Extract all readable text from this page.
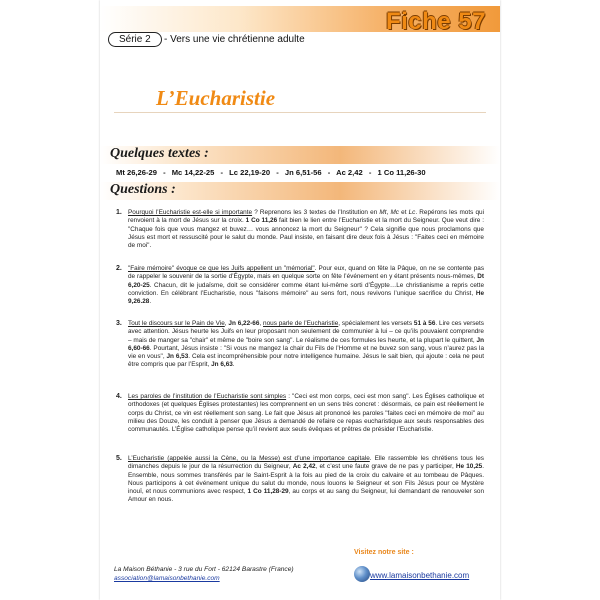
Fiche 57
Série 2	- Vers une vie chrétienne adulte
L’Eucharistie
Quelques textes :
Mt 26,26-29 - Mc 14,22-25 - Lc 22,19-20 - Jn 6,51-56 - Ac 2,42 - 1 Co 11,26-30
Questions :
1. Pourquoi l’Eucharistie est-elle si importante ? Reprenons les 3 textes de l’Institution en Mt, Mc et Lc. Repérons les mots qui renvoient à la mort de Jésus sur la croix. 1 Co 11,26 fait bien le lien entre l’Eucharistie et la mort du Seigneur. Que veut dire : "Chaque fois que vous mangez et buvez… vous annoncez la mort du Seigneur" ? Cela signifie que nous proclamons que Jésus est mort et ressuscité pour le salut du monde. Paul insiste, en faisant dire deux fois à Jésus : "Faites ceci en mémoire de moi".
2. "Faire mémoire" évoque ce que les Juifs appellent un "mémorial". Pour eux, quand on fête la Pâque, on ne se contente pas de rappeler le souvenir de la sortie d’Égypte, mais en quelque sorte on fête l’événement en y étant présents nous-mêmes, Dt 6,20-25. Chacun, dit le judaïsme, doit se considérer comme étant lui-même sorti d’Égypte…Le christianisme a repris cette conviction. En célébrant l’Eucharistie, nous "faisons mémoire" au sens fort, nous revivons l’unique sacrifice du Christ, He 9,26.28.
3. Tout le discours sur le Pain de Vie, Jn 6,22-66, nous parle de l’Eucharistie, spécialement les versets 51 à 56. Lire ces versets avec attention. Jésus heurte les Juifs en leur proposant non seulement de communier à lui – ce qu’ils pouvaient comprendre – mais de manger sa "chair" et même de "boire son sang". Le réalisme de ces formules les heurte, et la plupart le quittent, Jn 6,60-66. Pourtant, Jésus insiste : "Si vous ne mangez la chair du Fils de l’Homme et ne buvez son sang, vous n’aurez pas la vie en vous", Jn 6,53. Cela est incompréhensible pour notre intelligence humaine. Jésus le sait bien, qui ajoute : cela ne peut être compris que par l’Esprit, Jn 6,63.
4. Les paroles de l’institution de l’Eucharistie sont simples : "Ceci est mon corps, ceci est mon sang". Les Églises catholique et orthodoxes (et quelques Églises protestantes) les comprennent en un sens très concret : désormais, ce pain est réellement le corps du Christ, ce vin est réellement son sang. Le fait que Jésus ait prononcé les paroles "faites ceci en mémoire de moi" au milieu des Douze, les conduit à penser que Jésus a demandé de refaire ce repas eucharistique aux seuls responsables des communautés. L’Église catholique pense qu’il revient aux seuls évêques et prêtres de présider l’Eucharistie.
5. L’Eucharistie (appelée aussi la Cène, ou la Messe) est d’une importance capitale. Elle rassemble les chrétiens tous les dimanches depuis le jour de la résurrection du Seigneur, Ac 2,42, et c’est une faute grave de ne pas y participer, He 10,25. Ensemble, nous sommes transférés par le Saint-Esprit à la fois au pied de la croix du calvaire et au tombeau de Pâques. Nous participons à cet événement unique du salut du monde, nous louons le Seigneur et son Fils Jésus pour ce Mystère inouï, et nous communions avec respect, 1 Co 11,28-29, au corps et au sang du Seigneur, lui demandant de renouveler son Amour en nous.
La Maison Béthanie - 3 rue du Fort - 62124 Barastre (France)
association@lamaisonbethanie.com
Visitez notre site :
www.lamaisonbethanie.com
